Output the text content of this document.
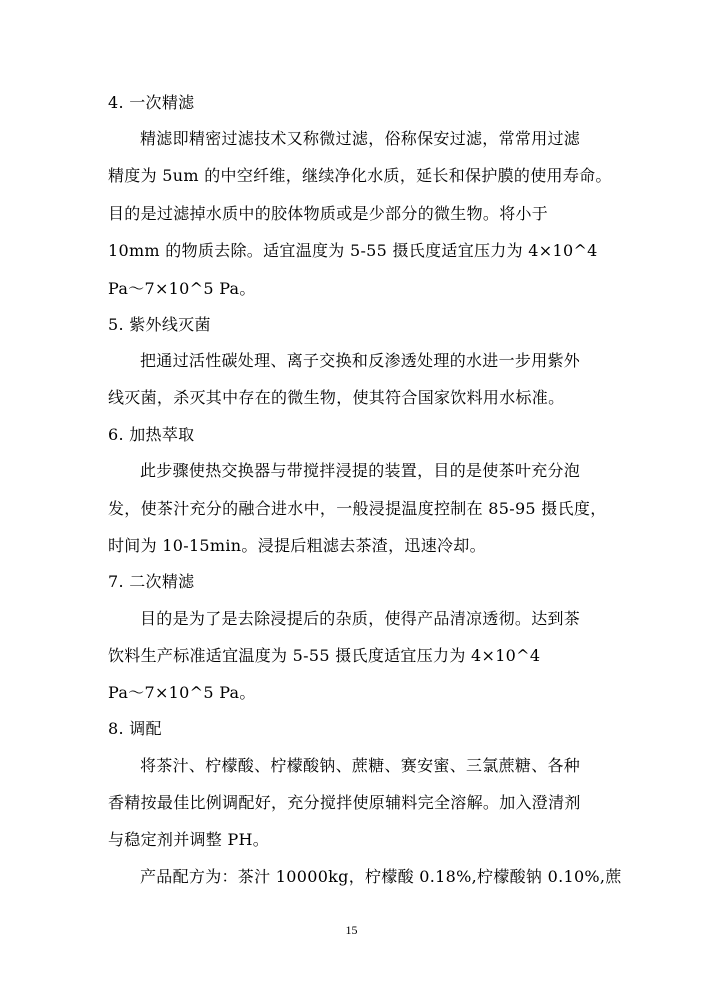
4. 一次精滤
精滤即精密过滤技术又称微过滤，俗称保安过滤，常常用过滤
精度为 5um 的中空纤维，继续净化水质，延长和保护膜的使用寿命。
目的是过滤掉水质中的胶体物质或是少部分的微生物。将小于
10mm 的物质去除。适宜温度为 5-55 摄氏度适宜压力为 4×10^4
Pa～7×10^5 Pa。
5. 紫外线灭菌
把通过活性碳处理、离子交换和反渗透处理的水进一步用紫外
线灭菌，杀灭其中存在的微生物，使其符合国家饮料用水标准。
6. 加热萃取
此步骤使热交换器与带搅拌浸提的装置，目的是使茶叶充分泡
发，使茶汁充分的融合进水中，一般浸提温度控制在 85-95 摄氏度，
时间为 10-15min。浸提后粗滤去茶渣，迅速冷却。
7. 二次精滤
目的是为了是去除浸提后的杂质，使得产品清凉透彻。达到茶
饮料生产标准适宜温度为 5-55 摄氏度适宜压力为 4×10^4
Pa～7×10^5 Pa。
8. 调配
将茶汁、柠檬酸、柠檬酸钠、蔗糖、赛安蜜、三氯蔗糖、各种
香精按最佳比例调配好，充分搅拌使原辅料完全溶解。加入澄清剂
与稳定剂并调整 PH。
产品配方为：茶汁 10000kg，柠檬酸 0.18%,柠檬酸钠 0.10%,蔗
15
